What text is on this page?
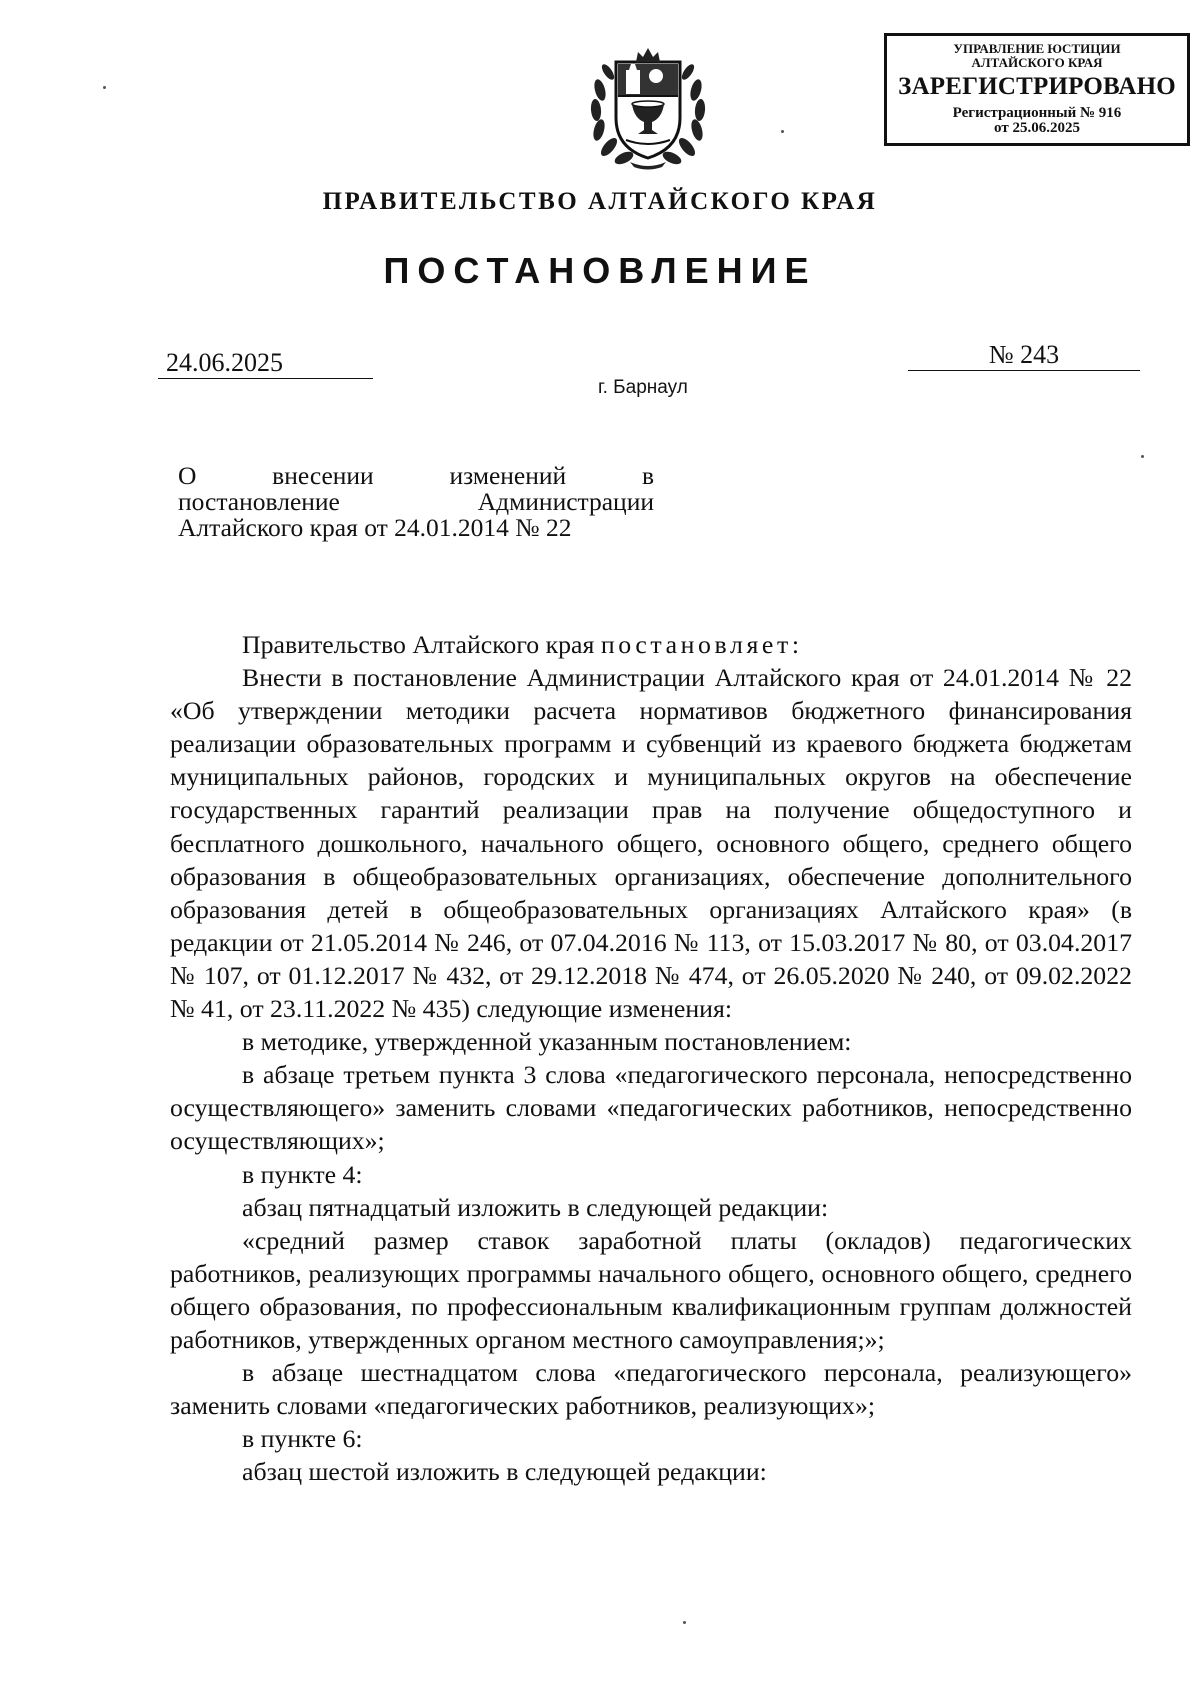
УПРАВЛЕНИЕ ЮСТИЦИИ
АЛТАЙСКОГО КРАЯ
ЗАРЕГИСТРИРОВАНО
Регистрационный № 916
от 25.06.2025
ПРАВИТЕЛЬСТВО АЛТАЙСКОГО КРАЯ
ПОСТАНОВЛЕНИЕ
24.06.2025	№ 243
г. Барнаул
О внесении изменений в
постановление Администрации
Алтайского края от 24.01.2014 № 22

Правительство Алтайского края постановляет:

Внести в постановление Администрации Алтайского края от 24.01.2014 № 22 «Об утверждении методики расчета нормативов бюджетного финансирования реализации образовательных программ и субвенций из краевого бюджета бюджетам муниципальных районов, городских и муниципальных округов на обеспечение государственных гарантий реализации прав на получение общедоступного и бесплатного дошкольного, начального общего, основного общего, среднего общего образования в общеобразовательных организациях, обеспечение дополнительного образования детей в общеобразовательных организациях Алтайского края» (в редакции от 21.05.2014 № 246, от 07.04.2016 № 113, от 15.03.2017 № 80, от 03.04.2017 № 107, от 01.12.2017 № 432, от 29.12.2018 № 474, от 26.05.2020 № 240, от 09.02.2022 № 41, от 23.11.2022 № 435) следующие изменения:

в методике, утвержденной указанным постановлением:

в абзаце третьем пункта 3 слова «педагогического персонала, непосредственно осуществляющего» заменить словами «педагогических работников, непосредственно осуществляющих»;

в пункте 4:

абзац пятнадцатый изложить в следующей редакции:

«средний размер ставок заработной платы (окладов) педагогических работников, реализующих программы начального общего, основного общего, среднего общего образования, по профессиональным квалификационным группам должностей работников, утвержденных органом местного самоуправления;»;

в абзаце шестнадцатом слова «педагогического персонала, реализующего» заменить словами «педагогических работников, реализующих»;

в пункте 6:

абзац шестой изложить в следующей редакции:
